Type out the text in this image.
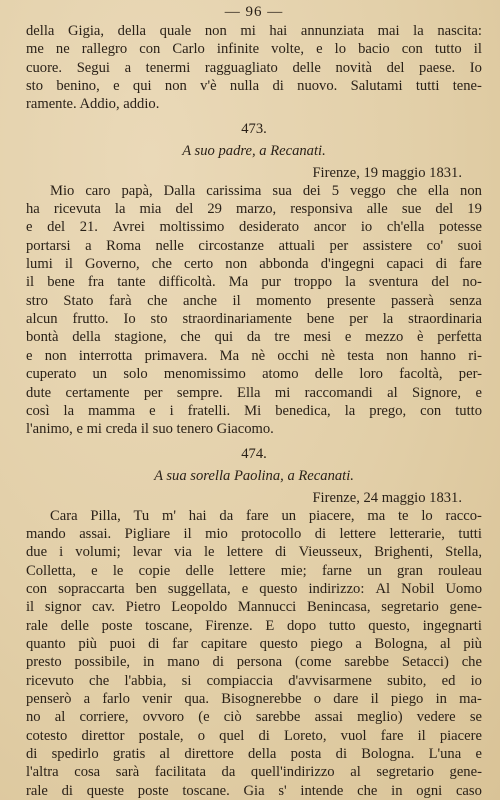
— 96 —
della Gigia, della quale non mi hai annunziata mai la nascita:
me ne rallegro con Carlo infinite volte, e lo bacio con tutto il
cuore. Segui a tenermi ragguagliato delle novità del paese. Io
sto benino, e qui non v'è nulla di nuovo. Salutami tutti tene-
ramente. Addio, addio.
473.
A suo padre, a Recanati.
Firenze, 19 maggio 1831.
Mio caro papà, Dalla carissima sua dei 5 veggo che ella non
ha ricevuta la mia del 29 marzo, responsiva alle sue del 19
e del 21. Avrei moltissimo desiderato ancor io ch'ella potesse
portarsi a Roma nelle circostanze attuali per assistere co' suoi
lumi il Governo, che certo non abbonda d'ingegni capaci di fare
il bene fra tante difficoltà. Ma pur troppo la sventura del no-
stro Stato farà che anche il momento presente passerà senza
alcun frutto. Io sto straordinariamente bene per la straordinaria
bontà della stagione, che qui da tre mesi e mezzo è perfetta
e non interrotta primavera. Ma nè occhi nè testa non hanno ri-
cuperato un solo menomissimo atomo delle loro facoltà, per-
dute certamente per sempre. Ella mi raccomandi al Signore, e
così la mamma e i fratelli. Mi benedica, la prego, con tutto
l'animo, e mi creda il suo tenero Giacomo.
474.
A sua sorella Paolina, a Recanati.
Firenze, 24 maggio 1831.
Cara Pilla, Tu m' hai da fare un piacere, ma te lo racco-
mando assai. Pigliare il mio protocollo di lettere letterarie, tutti
due i volumi; levar via le lettere di Vieusseux, Brighenti, Stella,
Colletta, e le copie delle lettere mie; farne un gran rouleau
con sopraccarta ben suggellata, e questo indirizzo: Al Nobil Uomo
il signor cav. Pietro Leopoldo Mannucci Benincasa, segretario gene-
rale delle poste toscane, Firenze. E dopo tutto questo, ingegnarti
quanto più puoi di far capitare questo piego a Bologna, al più
presto possibile, in mano di persona (come sarebbe Setacci) che
ricevuto che l'abbia, si compiaccia d'avvisarmene subito, ed io
penserò a farlo venir qua. Bisognerebbe o dare il piego in ma-
no al corriere, ovvoro (e ciò sarebbe assai meglio) vedere se
cotesto direttor postale, o quel di Loreto, vuol fare il piacere
di spedirlo gratis al direttore della posta di Bologna. L'una e
l'altra cosa sarà facilitata da quell'indirizzo al segretario gene-
rale di queste poste toscane. Gia s' intende che in ogni caso
